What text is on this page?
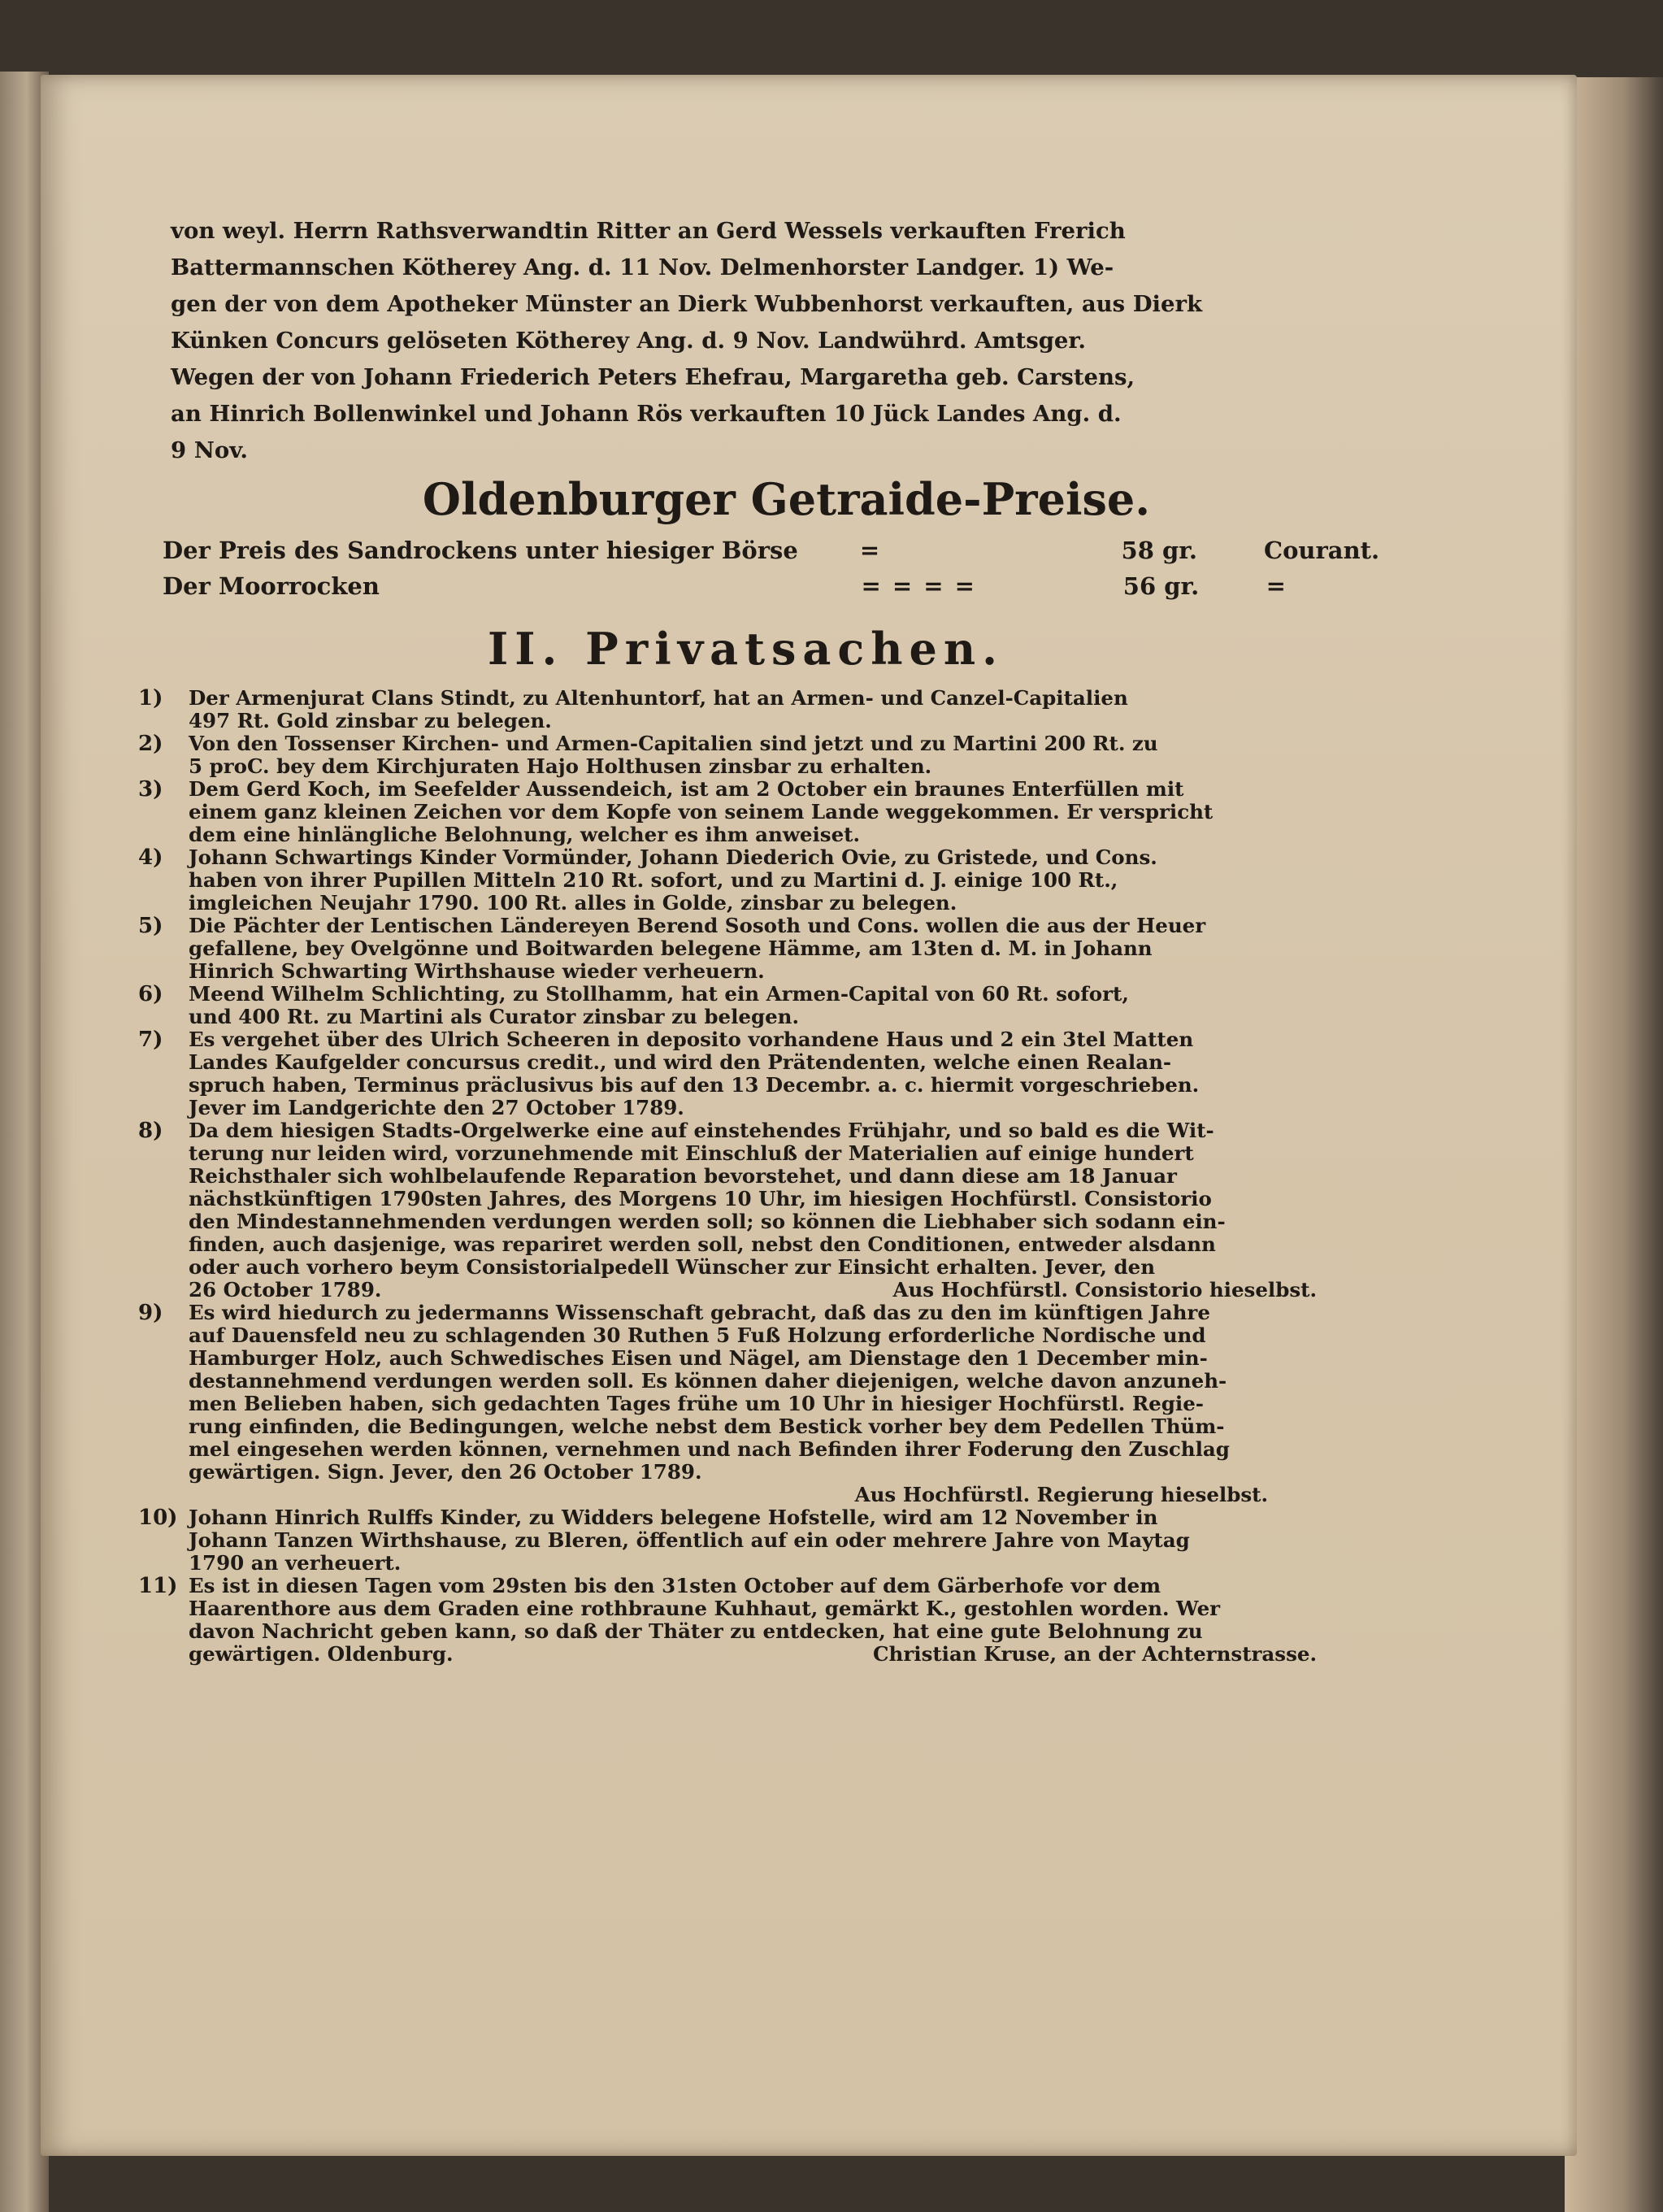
von weyl. Herrn Rathsverwandtin Ritter an Gerd Wessels verkauften Frerich

Battermannschen Kötherey Ang. d. 11 Nov. Delmenhorster Landger. 1) We-

gen der von dem Apotheker Münster an Dierk Wubbenhorst verkauften, aus Dierk

Künken Concurs gelöseten Kötherey Ang. d. 9 Nov. Landwührd. Amtsger.

Wegen der von Johann Friederich Peters Ehefrau, Margaretha geb. Carstens,

an Hinrich Bollenwinkel und Johann Rös verkauften 10 Jück Landes Ang. d.

9 Nov.
Oldenburger Getraide-Preise.
Der Preis des Sandrockens unter hiesiger Börse	=	58 gr.	Courant.
Der Moorrocken	= = = =	56 gr.	=
II. Privatsachen.
1)	Der Armenjurat Clans Stindt, zu Altenhuntorf, hat an Armen- und Canzel-Capitalien
497 Rt. Gold zinsbar zu belegen.
2)	Von den Tossenser Kirchen- und Armen-Capitalien sind jetzt und zu Martini 200 Rt. zu
5 proC. bey dem Kirchjuraten Hajo Holthusen zinsbar zu erhalten.
3)	Dem Gerd Koch, im Seefelder Aussendeich, ist am 2 October ein braunes Enterfüllen mit
einem ganz kleinen Zeichen vor dem Kopfe von seinem Lande weggekommen. Er verspricht
dem eine hinlängliche Belohnung, welcher es ihm anweiset.
4)	Johann Schwartings Kinder Vormünder, Johann Diederich Ovie, zu Gristede, und Cons.
haben von ihrer Pupillen Mitteln 210 Rt. sofort, und zu Martini d. J. einige 100 Rt.,
imgleichen Neujahr 1790. 100 Rt. alles in Golde, zinsbar zu belegen.
5)	Die Pächter der Lentischen Ländereyen Berend Sosoth und Cons. wollen die aus der Heuer
gefallene, bey Ovelgönne und Boitwarden belegene Hämme, am 13ten d. M. in Johann
Hinrich Schwarting Wirthshause wieder verheuern.
6)	Meend Wilhelm Schlichting, zu Stollhamm, hat ein Armen-Capital von 60 Rt. sofort,
und 400 Rt. zu Martini als Curator zinsbar zu belegen.
7)	Es vergehet über des Ulrich Scheeren in deposito vorhandene Haus und 2 ein 3tel Matten
Landes Kaufgelder concursus credit., und wird den Prätendenten, welche einen Realan-
spruch haben, Terminus präclusivus bis auf den 13 Decembr. a. c. hiermit vorgeschrieben.
Jever im Landgerichte den 27 October 1789.
8)	Da dem hiesigen Stadts-Orgelwerke eine auf einstehendes Frühjahr, und so bald es die Wit-
terung nur leiden wird, vorzunehmende mit Einschluß der Materialien auf einige hundert
Reichsthaler sich wohlbelaufende Reparation bevorstehet, und dann diese am 18 Januar
nächstkünftigen 1790sten Jahres, des Morgens 10 Uhr, im hiesigen Hochfürstl. Consistorio
den Mindestannehmenden verdungen werden soll; so können die Liebhaber sich sodann ein-
finden, auch dasjenige, was repariret werden soll, nebst den Conditionen, entweder alsdann
oder auch vorhero beym Consistorialpedell Wünscher zur Einsicht erhalten. Jever, den
26 October 1789.	Aus Hochfürstl. Consistorio hieselbst.
9)	Es wird hiedurch zu jedermanns Wissenschaft gebracht, daß das zu den im künftigen Jahre
auf Dauensfeld neu zu schlagenden 30 Ruthen 5 Fuß Holzung erforderliche Nordische und
Hamburger Holz, auch Schwedisches Eisen und Nägel, am Dienstage den 1 December min-
destannehmend verdungen werden soll. Es können daher diejenigen, welche davon anzuneh-
men Belieben haben, sich gedachten Tages frühe um 10 Uhr in hiesiger Hochfürstl. Regie-
rung einfinden, die Bedingungen, welche nebst dem Bestick vorher bey dem Pedellen Thüm-
mel eingesehen werden können, vernehmen und nach Befinden ihrer Foderung den Zuschlag
gewärtigen. Sign. Jever, den 26 October 1789.
Aus Hochfürstl. Regierung hieselbst.
10) Johann Hinrich Rulffs Kinder, zu Widders belegene Hofstelle, wird am 12 November in
Johann Tanzen Wirthshause, zu Bleren, öffentlich auf ein oder mehrere Jahre von Maytag
1790 an verheuert.
11) Es ist in diesen Tagen vom 29sten bis den 31sten October auf dem Gärberhofe vor dem
Haarenthore aus dem Graden eine rothbraune Kuhhaut, gemärkt K., gestohlen worden. Wer
davon Nachricht geben kann, so daß der Thäter zu entdecken, hat eine gute Belohnung zu
gewärtigen. Oldenburg.	Christian Kruse, an der Achternstrasse.
